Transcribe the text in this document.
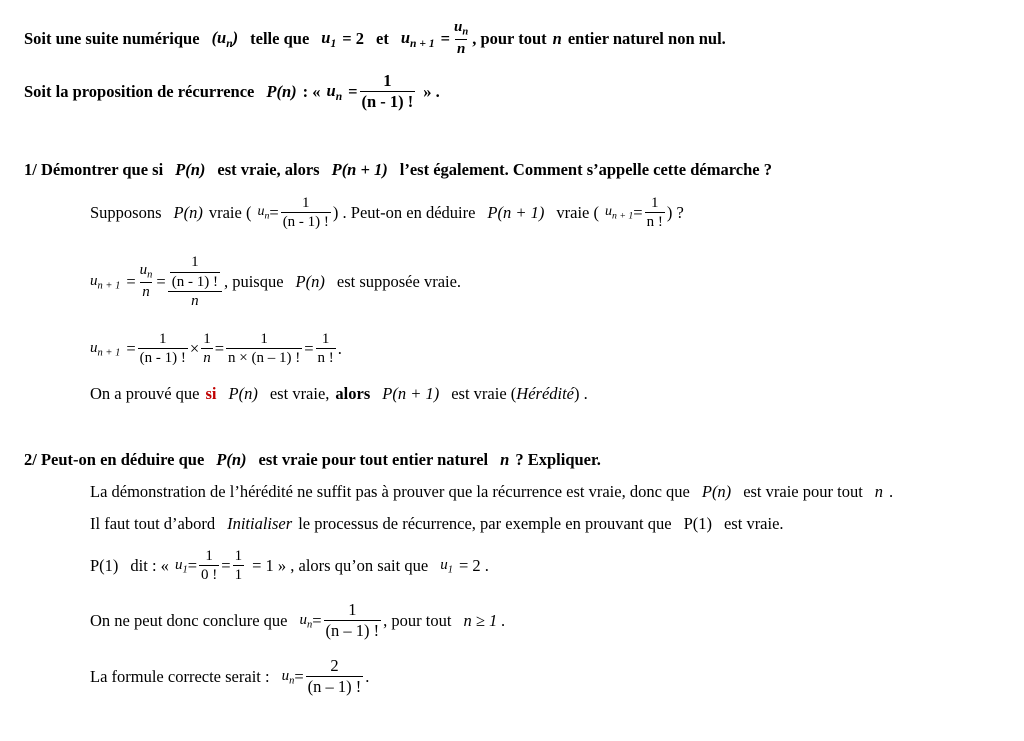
Soit une suite numérique $(u_n)$ telle que $u_1 = 2$ et $u_{n + 1} = \frac{u_n}{n}$ , pour tout n entier naturel non nul.
Soit la proposition de récurrence P(n) : « $u_n = \frac{1}{(n - 1) !}$ » .
1/ Démontrer que si P(n) est vraie, alors P(n + 1) l’est également. Comment s’appelle cette démarche ?
Supposons P(n) vraie ( $u_n = \frac{1}{(n - 1) !}$ ) . Peut-on en déduire P(n + 1) vraie ( $u_{n + 1} = \frac{1}{n !}$ ) ?
$u_{n + 1} = \frac{u_n}{n} = \frac{\frac{1}{(n - 1) !}}{n}$ , puisque P(n) est supposée vraie.
$u_{n + 1} = \frac{1}{(n - 1) !} \times \frac{1}{n} = \frac{1}{n \times (n - 1) !} = \frac{1}{n !}$ .
On a prouvé que si P(n) est vraie, alors P(n + 1) est vraie ( Hérédité ) .
2/ Peut-on en déduire que P(n) est vraie pour tout entier naturel n ? Expliquer.
La démonstration de l’hérédité ne suffit pas à prouver que la récurrence est vraie, donc que P(n) est vraie pour tout n .
Il faut tout d’abord Initialiser le processus de récurrence, par exemple en prouvant que P(1) est vraie.
P(1) dit : « $u_1 = \frac{1}{0 !} = \frac{1}{1} = 1$ » , alors qu’on sait que $u_1 = 2$ .
On ne peut donc conclure que $u_n = \frac{1}{(n - 1) !}$ , pour tout n ≥ 1 .
La formule correcte serait : $u_n = \frac{2}{(n - 1) !}$ .
